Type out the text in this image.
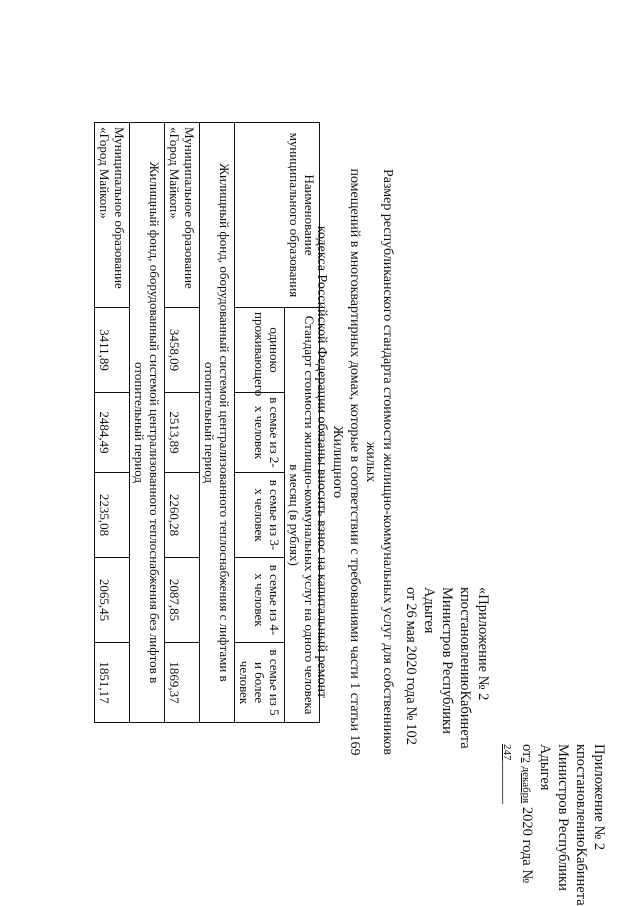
Приложение № 2
к
постановлению
Кабинета
Министров Республики Адыгея
от2 декабря 2020 года № 247______
«Приложение № 2
к
постановлению
Кабинета
Министров Республики Адыгея
от
26
мая
2020
года
№
102
Размер республиканского стандарта стоимости жилищно-коммунальных услуг для собственников жилых
помещений в многоквартирных домах, которые в соответствии с требованиями части 1 статьи 169 Жилищного
кодекса Российской Федерации обязаны вносить взнос на капитальный ремонт
Наименование муниципального образования	Стандарт стоимости жилищно-коммунальных услуг на одного человека в месяц (в рублях)				
	одиноко проживающего	в семье из 2-х человек	в семье из 3-х человек	в семье из 4-х человек	в семье из 5 и более человек
Жилищный фонд, оборудованный системой централизованного теплоснабжения с лифтами в отопительный период					
Муниципальное образование «Город Майкоп»	3458,09	2513,89	2260,28	2087,85	1869,37
Жилищный фонд, оборудованный системой централизованного теплоснабжения без лифтов в отопительный период					
Муниципальное образование «Город Майкоп»	3411,89	2484,49	2235,08	2065,45	1851,17
